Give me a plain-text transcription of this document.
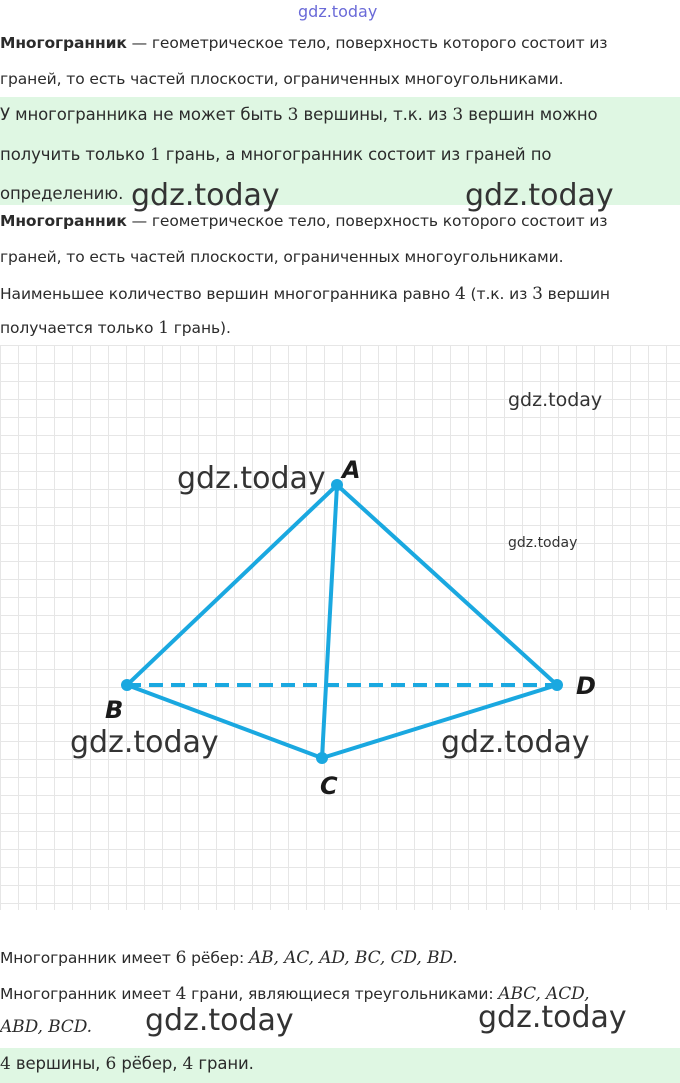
gdz.today
Многогранник — геометрическое тело, поверхность которого состоит из
граней, то есть частей плоскости, ограниченных многоугольниками.
У многогранника не может быть 3 вершины, т.к. из 3 вершин можно
получить только 1 грань, а многогранник состоит из граней по
определению. gdz.today	gdz.today
Многогранник — геометрическое тело, поверхность которого состоит из
граней, то есть частей плоскости, ограниченных многоугольниками.
Наименьшее количество вершин многогранника равно 4 (т.к. из 3 вершин
получается только 1 грань).
A
B
C
D
gdz.today
gdz.today
gdz.today
gdz.today	gdz.today
Многогранник имеет 6 рёбер: AB, AC, AD, BC, CD, BD.
Многогранник имеет 4 грани, являющиеся треугольниками: ABC, ACD,
ABD, BCD. gdz.today	gdz.today
4 вершины, 6 рёбер, 4 грани.
